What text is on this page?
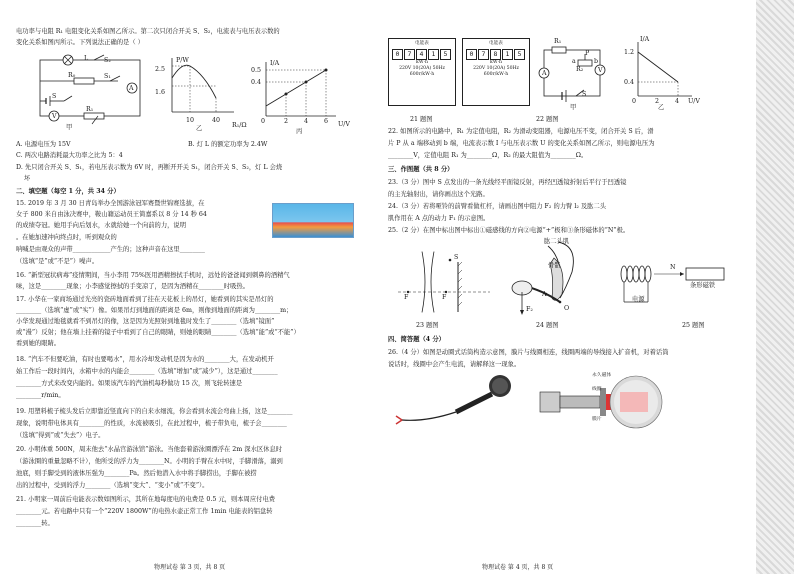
电功率与电阻 R₁ 电阻变化关系如图乙所示。第二次只闭合开关 S、S₂，电流表与电压表示数的
变化关系如图丙所示。下列说法正确的是（ ）
L	S₂
R₀	S₁
A
S
V
R₁
甲
P/W
2.5
1.6
10	40
R₁/Ω
乙
I/A
0.5
0.4
0	2	4	6 U/V
丙
A. 电源电压为 15V	B. 灯 L 的额定功率为 2.4W
C. 两次电路消耗最大功率之比为 5：4
D. 先只闭合开关 S、S₁，若电压表示数为 6V 时，再断开开关 S₁，闭合开关 S、S₂，灯 L 会烧
坏
二、填空题（每空 1 分，共 34 分）
15. 2019 年 3 月 30 日青岛举办全国游泳冠军赛暨世锦赛选拔，在
女子 800 米自由泳决赛中，鞍山籍运动员王简嘉系以 8 分 14 秒 64
的成绩夺冠。她用手向后划水，水就给她一个向前的力，说明
。在她加速冲向终点时，听到观众的
呐喊是由观众的声带____________产生的；这种声音在这里________
（选填“是”或“不是”）噪声。
16. “新型冠状病毒”疫情期间，当小李用 75%医用酒精擦拭手机时，远处的爸爸闻到刺鼻的酒精气
味，这是________现象；小李感觉擦拭的手变凉了，是因为酒精在________时吸热。
17. 小华在一家商场通过光亮的瓷砖地面看到了挂在天花板上的吊灯，她看到的其实是吊灯的
________（选填“虚”或“实”）像。如果吊灯到地面的距离是 6m，则像到地面的距离为________m；
小华发现通过地毯就看不到吊灯的像，这是因为光照射到地毯时发生了________（选填“镜面”
或“漫”）反射；他在墙上挂着的镜子中看到了自己的眼睛，则她的眼睛________（选填“能”或“不能”）
看到她的眼睛。
18. “汽车不但要吃油，有时也要喝水”，用水冷却发动机是因为水的________大，在发动机开
始工作后一段时间内，水箱中水的内能会________（选填“增加”或“减少”），这是通过________
________方式来改变内能的。如果该汽车的汽油机每秒做功 15 次，则飞轮转速是
________r/min。
19. 用塑料梳子梳头发后立即靠近竖直向下的自来水细流，你会看到水流会弯曲上扬，这是________
现象，说明带电体具有________的性质，水流被吸引，在此过程中，梳子带负电，梳子会________
（选填“得到”或“失去”）电子。
20. 小明体重 500N，周末他去“水晶宫游泳馆”游泳。当他套着游泳圈漂浮在 2m 深水区休息时
（游泳圈的重量忽略不计），他所受的浮力为________N。小明的手臂在水中时，手脚滑落，溺到
池底，则手脚受到的液体压强为________Pa。然后他潜入水中将手脚捞出，手脚在被捞
出的过程中，受到的浮力________（选填“变大”、“变小”或“不变”）。
21. 小明家一周前后电能表示数如图所示，其所在地每度电的电费是 0.5 元，则本周应付电费
________元。若电路中只有一个“220V 1800W”的电热水壶正常工作 1min 电能表的铝盘转
________转。
物理试卷 第 3 页，共 8 页
电能表
0	7	4	1	5
kW·h
220V 10(20A) 50Hz
600r/kW·h
电能表
0	7	8	1	5
kW·h
220V 10(20A) 50Hz
600r/kW·h
21 题图	22 题图
R₁
P
a	b
R₂
A	V
S
甲
I/A
1.2
0.4
0	2	4 U/V
乙
22. 如图所示的电路中，R₁ 为定值电阻，R₂ 为滑动变阻器，电源电压不变，闭合开关 S 后，滑
片 P 从 a 端移动到 b 端，电流表示数 I 与电压表示数 U 的变化关系如图乙所示，则电源电压为
________V，定值电阻 R₁ 为________Ω，R₂ 的最大阻值为________Ω。
三、作图题（共 8 分）
23.（3 分）图中 S 点发出的一条光线经平面镜反射，再经凹透镜折射后平行于凹透镜
的主光轴射出，请你画出这个光路。
24.（3 分）若将哑铃的前臂看做杠杆，请画出图中阻力 F₂ 的力臂 l₂ 及肱二头
肌作用在 A 点的动力 F₁ 的示意图。
25.（2 分）在图中标出图中标出①磁感线的方向②电源“+”极和③条形磁体的“N”极。
S
F	F
23 题图
肱二头肌
骨骼
A
O
F₂
24 题图
N
条形磁铁
电源
25 题图
四、简答题（4 分）
26.（4 分）如图是动圈式话筒构造示意图，膜片与线圈相连，线圈两端的导线接入扩音机，对着话筒
说话时，线圈中会产生电流，请解释这一现象。
永久磁体
线圈
膜片
物理试卷 第 4 页，共 8 页
